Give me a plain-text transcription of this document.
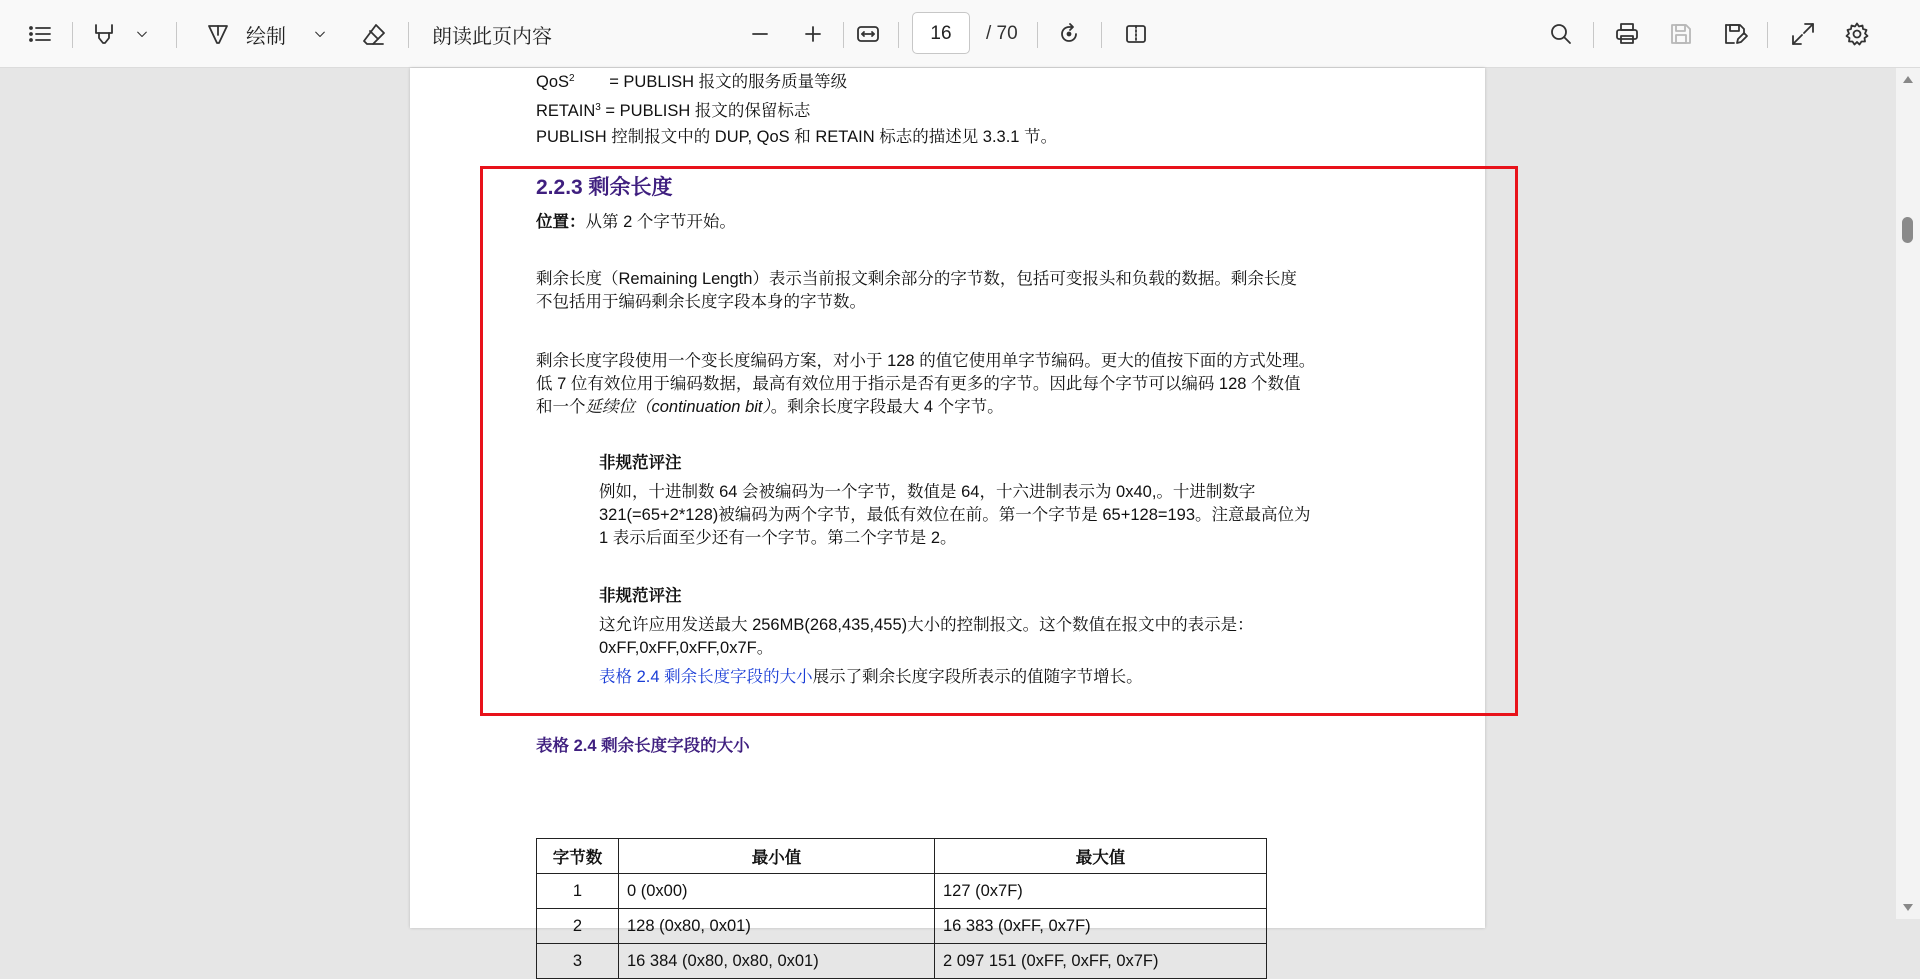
绘制	朗读此页内容	16	/ 70
QoS$^2$ = PUBLISH 报文的服务质量等级
$RETAIN^3$ = PUBLISH 报文的保留标志
PUBLISH 控制报文中的 DUP, QoS 和 RETAIN 标志的描述见 3.3.1 节。
2.2.3 剩余长度
位置：从第 2 个字节开始。
剩余长度（Remaining Length）表示当前报文剩余部分的字节数，包括可变报头和负载的数据。剩余长度
不包括用于编码剩余长度字段本身的字节数。
剩余长度字段使用一个变长度编码方案，对小于 128 的值它使用单字节编码。更大的值按下面的方式处理。
低 7 位有效位用于编码数据，最高有效位用于指示是否有更多的字节。因此每个字节可以编码 128 个数值
和一个延续位（continuation bit）。剩余长度字段最大 4 个字节。
非规范评注
例如，十进制数 64 会被编码为一个字节，数值是 64，十六进制表示为 0x40,。十进制数字
321(=65+2*128)被编码为两个字节，最低有效位在前。第一个字节是 65+128=193。注意最高位为
1 表示后面至少还有一个字节。第二个字节是 2。
非规范评注
这允许应用发送最大 256MB(268,435,455)大小的控制报文。这个数值在报文中的表示是：
0xFF,0xFF,0xFF,0x7F。
表格 2.4 剩余长度字段的大小展示了剩余长度字段所表示的值随字节增长。
表格 2.4 剩余长度字段的大小
字节数	最小值	最大值
1	0 (0x00)	127 (0x7F)
2	128 (0x80, 0x01)	16 383 (0xFF, 0x7F)
3	16 384 (0x80, 0x80, 0x01)	2 097 151 (0xFF, 0xFF, 0x7F)
